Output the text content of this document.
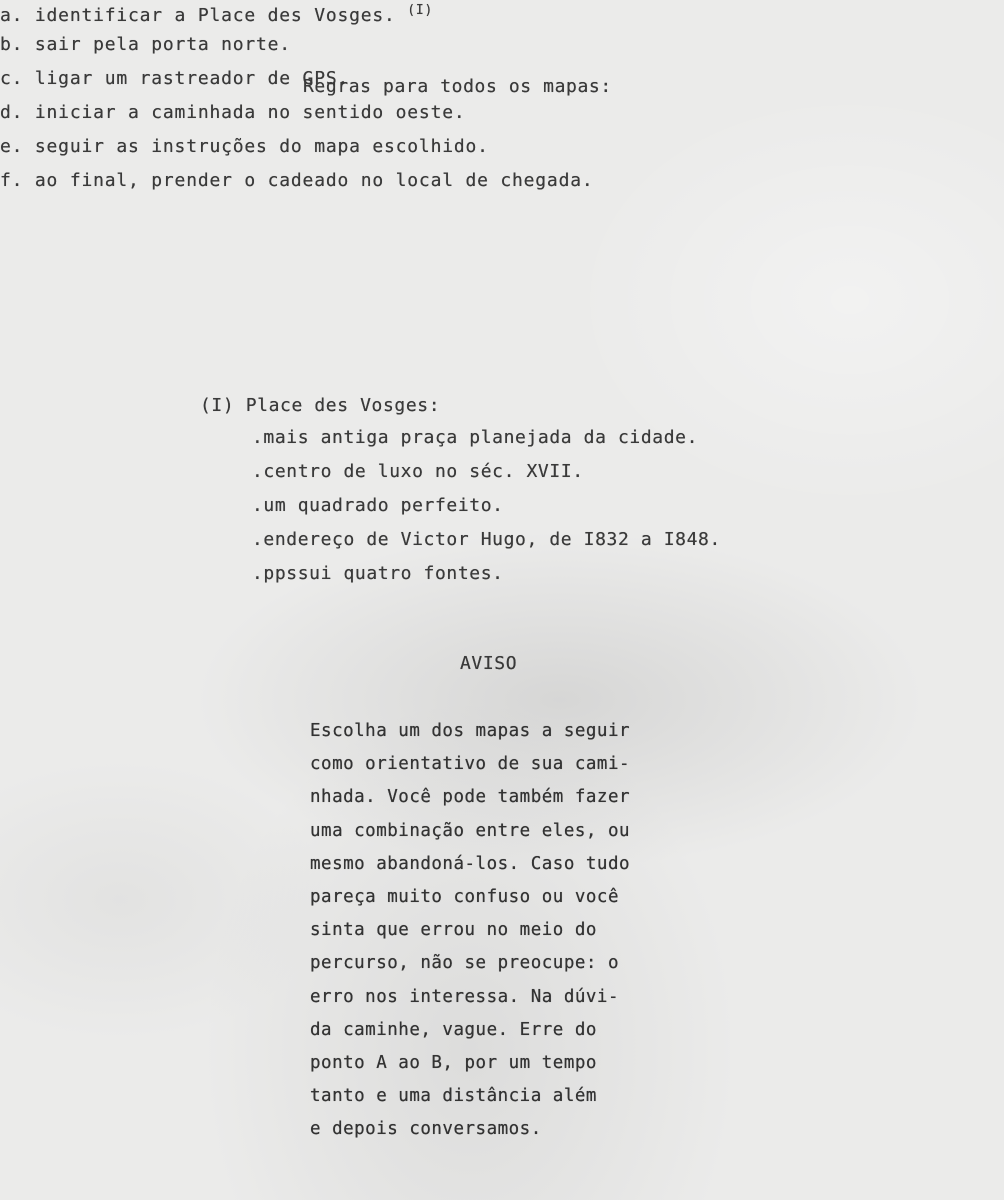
Regras para todos os mapas:
a. identificar a Place des Vosges. $^{(I)}$
b. sair pela porta norte.
c. ligar um rastreador de GPS.
d. iniciar a caminhada no sentido oeste.
e. seguir as instruções do mapa escolhido.
f. ao final, prender o cadeado no local de chegada.
(I) Place des Vosges:
.mais antiga praça planejada da cidade.
.centro de luxo no séc. XVII.
.um quadrado perfeito.
.endereço de Victor Hugo, de I832 a I848.
.ppssui quatro fontes.
AVISO
Escolha um dos mapas a seguir
como orientativo de sua cami-
nhada. Você pode também fazer
uma combinação entre eles, ou
mesmo abandoná-los. Caso tudo
pareça muito confuso ou você
sinta que errou no meio do
percurso, não se preocupe: o
erro nos interessa. Na dúvi-
da caminhe, vague. Erre do
ponto A ao B, por um tempo
tanto e uma distância além
e depois conversamos.
